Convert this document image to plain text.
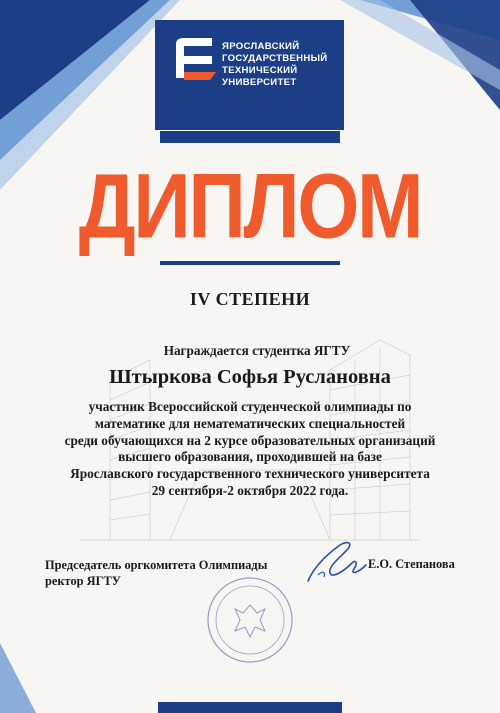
ЯРОСЛАВСКИЙ
ГОСУДАРСТВЕННЫЙ
ТЕХНИЧЕСКИЙ
УНИВЕРСИТЕТ
ДИПЛОМ
IV СТЕПЕНИ
Награждается студентка ЯГТУ
Штыркова Софья Руслановна
участник Всероссийской студенческой олимпиады по
математике для нематематических специальностей
среди обучающихся на 2 курсе образовательных организаций
высшего образования, проходившей на базе
Ярославского государственного технического университета
29 сентября-2 октября 2022 года.
Председатель оргкомитета Олимпиады
ректор ЯГТУ
Е.О. Степанова
